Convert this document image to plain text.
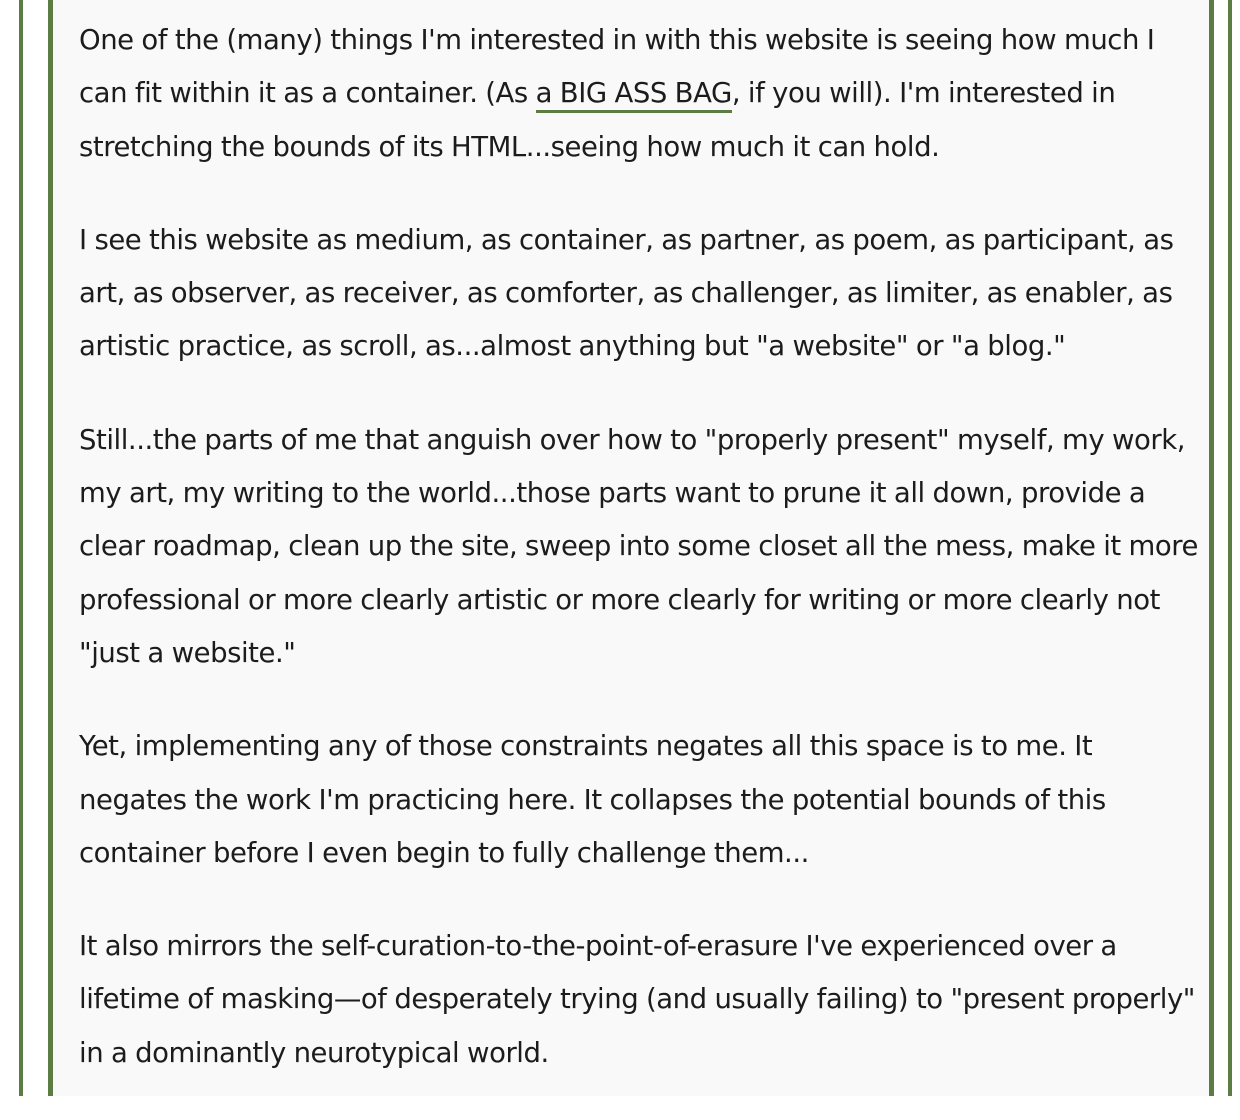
One of the (many) things I'm interested in with this website is seeing how much I can fit within it as a container. (As a BIG ASS BAG, if you will). I'm interested in stretching the bounds of its HTML...seeing how much it can hold.

I see this website as medium, as container, as partner, as poem, as participant, as art, as observer, as receiver, as comforter, as challenger, as limiter, as enabler, as artistic practice, as scroll, as...almost anything but "a website" or "a blog."

Still...the parts of me that anguish over how to "properly present" myself, my work, my art, my writing to the world...those parts want to prune it all down, provide a clear roadmap, clean up the site, sweep into some closet all the mess, make it more professional or more clearly artistic or more clearly for writing or more clearly not "just a website."

Yet, implementing any of those constraints negates all this space is to me. It negates the work I'm practicing here. It collapses the potential bounds of this container before I even begin to fully challenge them...

It also mirrors the self-curation-to-the-point-of-erasure I've experienced over a lifetime of masking—of desperately trying (and usually failing) to "present properly" in a dominantly neurotypical world.
